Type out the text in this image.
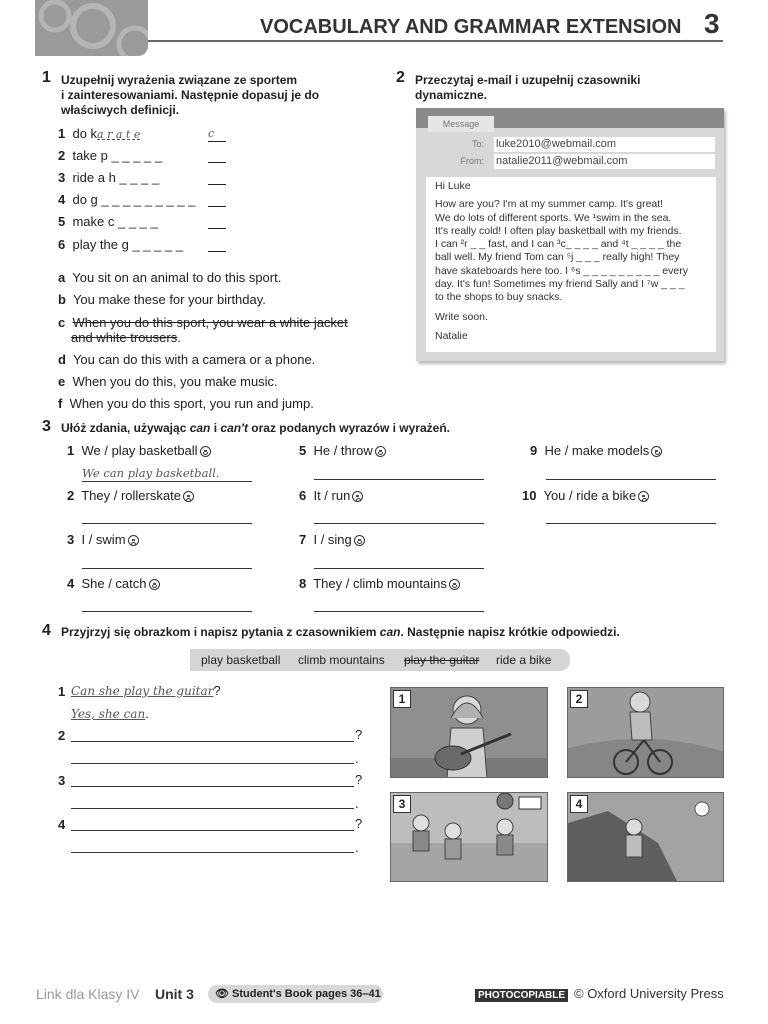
VOCABULARY AND GRAMMAR EXTENSION 3
1 Uzupełnij wyrażenia związane ze sportem
i zainteresowaniami. Następnie dopasuj je do
właściwych definicji.
1 do ka r a t e	c
2 take p _ _ _ _ _
3 ride a h _ _ _ _
4 do g _ _ _ _ _ _ _ _ _
5 make c _ _ _ _
6 play the g _ _ _ _ _
a You sit on an animal to do this sport.
b You make these for your birthday.
c When you do this sport, you wear a white jacket
and white trousers.
d You can do this with a camera or a phone.
e When you do this, you make music.
f When you do this sport, you run and jump.
2 Przeczytaj e-mail i uzupełnij czasowniki
dynamiczne.
Message
To: luke2010@webmail.com
From: natalie2011@webmail.com
Hi Luke
How are you? I'm at my summer camp. It's great!
We do lots of different sports. We ¹swim in the sea.
It's really cold! I often play basketball with my friends.
I can ²r _ _ fast, and I can ³c_ _ _ _ and ⁴t _ _ _ _ the
ball well. My friend Tom can ⁵j _ _ _ really high! They
have skateboards here too. I ⁶s _ _ _ _ _ _ _ _ _ every
day. It's fun! Sometimes my friend Sally and I ⁷w _ _ _
to the shops to buy snacks.
Write soon.
Natalie
3 Ułóż zdania, używając can i can't oraz podanych wyrazów i wyrażeń.
1 We / play basketball
We can play basketball.
2 They / rollerskate
3 I / swim
4 She / catch
5 He / throw
6 It / run
7 I / sing
8 They / climb mountains
9 He / make models
10 You / ride a bike
4 Przyjrzyj się obrazkom i napisz pytania z czasownikiem can. Następnie napisz krótkie odpowiedzi.
play basketball climb mountains play the guitar ride a bike
1 Can she play the guitar?
Yes, she can.
2	?
.
3	?
.
4	?
.
1	2
3	4
Link dla Klasy IV Unit 3	👁 Student's Book pages 36–41	PHOTOCOPIABLE © Oxford University Press
